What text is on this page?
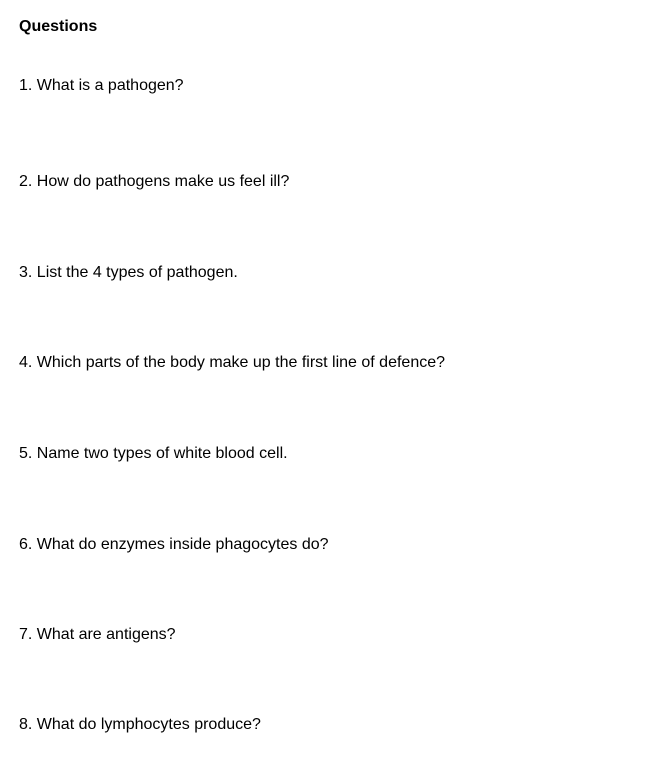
Questions
1. What is a pathogen?
2. How do pathogens make us feel ill?
3. List the 4 types of pathogen.
4. Which parts of the body make up the first line of defence?
5. Name two types of white blood cell.
6. What do enzymes inside phagocytes do?
7. What are antigens?
8. What do lymphocytes produce?
